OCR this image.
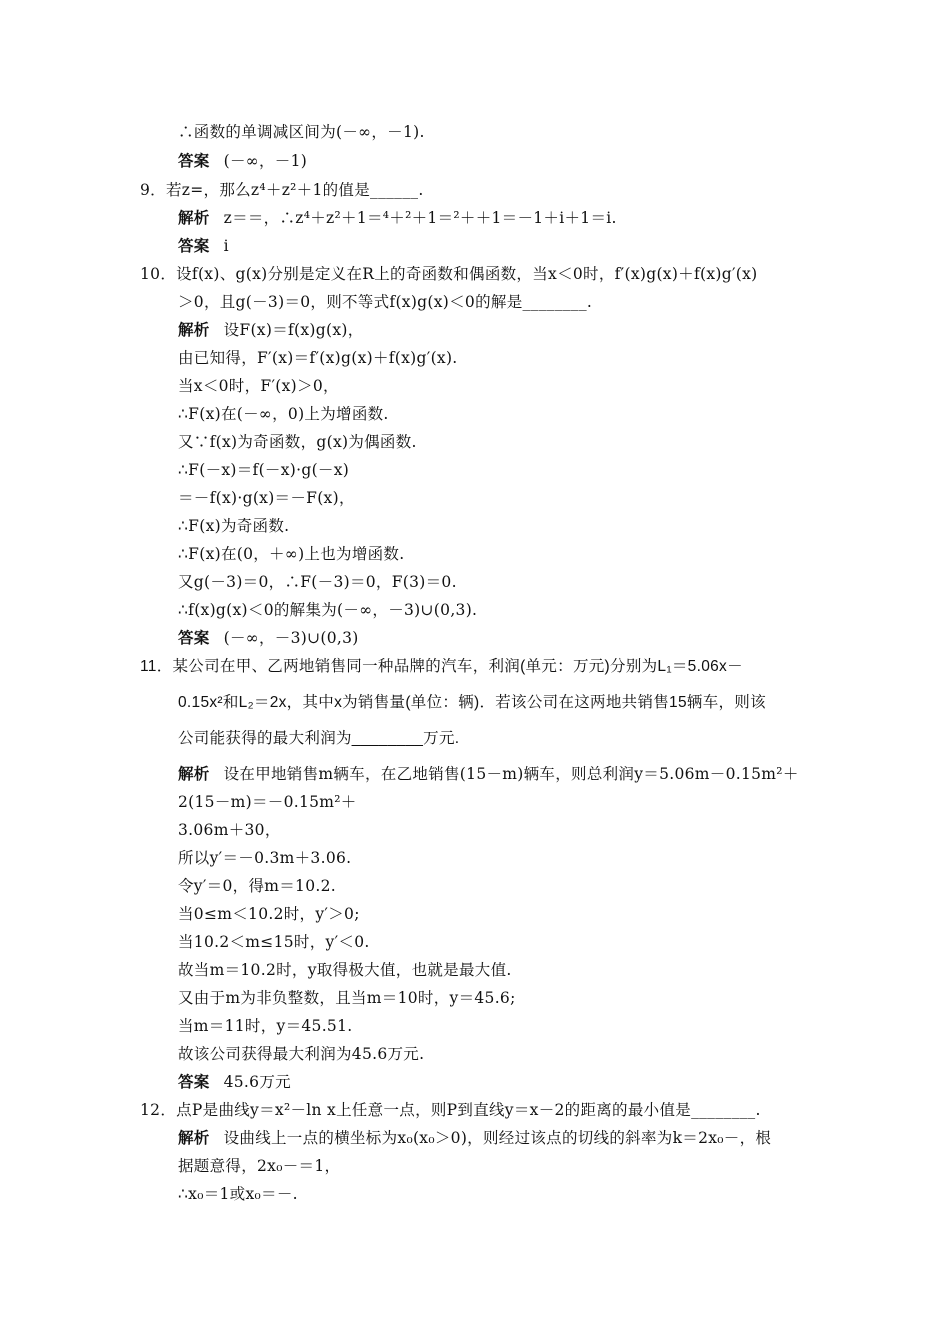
∴函数的单调减区间为(－∞，－1).
答案 (－∞，－1)
9．若z=，那么z⁴＋z²＋1的值是______.
解析 z＝＝，∴z⁴＋z²＋1＝⁴＋²＋1＝²＋＋1＝－1＋i＋1＝i.
答案 i
10．设f(x)、g(x)分别是定义在R上的奇函数和偶函数，当x＜0时，f′(x)g(x)＋f(x)g′(x)
＞0，且g(－3)＝0，则不等式f(x)g(x)＜0的解是________.
解析 设F(x)＝f(x)g(x)，
由已知得，F′(x)＝f′(x)g(x)＋f(x)g′(x).
当x＜0时，F′(x)＞0，
∴F(x)在(－∞，0)上为增函数.
又∵f(x)为奇函数，g(x)为偶函数.
∴F(－x)＝f(－x)·g(－x)
＝－f(x)·g(x)＝－F(x)，
∴F(x)为奇函数.
∴F(x)在(0，＋∞)上也为增函数.
又g(－3)＝0，∴F(－3)＝0，F(3)＝0.
∴f(x)g(x)＜0的解集为(－∞，－3)∪(0,3).
答案 (－∞，－3)∪(0,3)
11．某公司在甲、乙两地销售同一种品牌的汽车，利润(单元：万元)分别为L₁＝5.06x－
0.15x²和L₂＝2x，其中x为销售量(单位：辆)．若该公司在这两地共销售15辆车，则该
公司能获得的最大利润为________万元.
解析 设在甲地销售m辆车，在乙地销售(15－m)辆车，则总利润y＝5.06m－0.15m²＋
2(15－m)＝－0.15m²＋
3.06m＋30，
所以y′＝－0.3m＋3.06.
令y′＝0，得m＝10.2.
当0≤m＜10.2时，y′＞0;
当10.2＜m≤15时，y′＜0.
故当m＝10.2时，y取得极大值，也就是最大值.
又由于m为非负整数，且当m＝10时，y＝45.6;
当m＝11时，y＝45.51.
故该公司获得最大利润为45.6万元.
答案 45.6万元
12．点P是曲线y＝x²－ln x上任意一点，则P到直线y＝x－2的距离的最小值是________.
解析 设曲线上一点的横坐标为x₀(x₀＞0)，则经过该点的切线的斜率为k＝2x₀－，根
据题意得，2x₀－＝1，
∴x₀＝1或x₀＝－.
